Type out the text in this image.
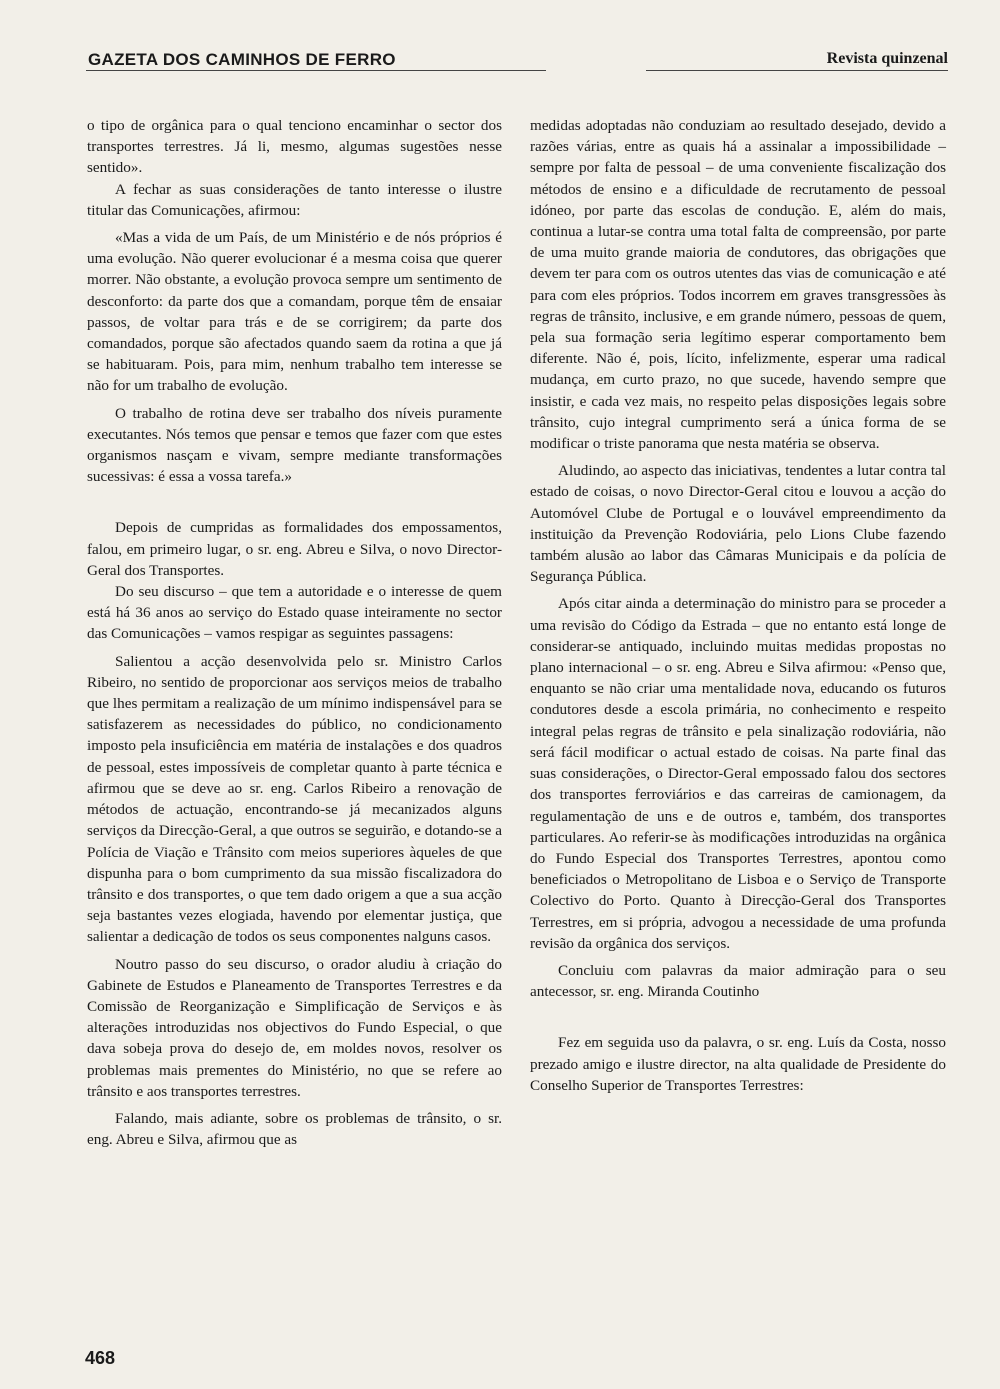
GAZETA DOS CAMINHOS DE FERRO	Revista quinzenal

o tipo de orgânica para o qual tenciono encaminhar o sector dos transportes terrestres. Já li, mesmo, algumas sugestões nesse sentido».

A fechar as suas considerações de tanto interesse o ilustre titular das Comunicações, afirmou:

«Mas a vida de um País, de um Ministério e de nós próprios é uma evolução. Não querer evolucionar é a mesma coisa que querer morrer. Não obstante, a evolução provoca sempre um sentimento de desconforto: da parte dos que a comandam, porque têm de ensaiar passos, de voltar para trás e de se corrigirem; da parte dos comandados, porque são afectados quando saem da rotina a que já se habituaram. Pois, para mim, nenhum trabalho tem interesse se não for um trabalho de evolução.

O trabalho de rotina deve ser trabalho dos níveis puramente executantes. Nós temos que pensar e temos que fazer com que estes organismos nasçam e vivam, sempre mediante transformações sucessivas: é essa a vossa tarefa.»

Depois de cumpridas as formalidades dos empossamentos, falou, em primeiro lugar, o sr. eng. Abreu e Silva, o novo Director-Geral dos Transportes.

Do seu discurso – que tem a autoridade e o interesse de quem está há 36 anos ao serviço do Estado quase inteiramente no sector das Comunicações – vamos respigar as seguintes passagens:

Salientou a acção desenvolvida pelo sr. Ministro Carlos Ribeiro, no sentido de proporcionar aos serviços meios de trabalho que lhes permitam a realização de um mínimo indispensável para se satisfazerem as necessidades do público, no condicionamento imposto pela insuficiência em matéria de instalações e dos quadros de pessoal, estes impossíveis de completar quanto à parte técnica e afirmou que se deve ao sr. eng. Carlos Ribeiro a renovação de métodos de actuação, encontrando-se já mecanizados alguns serviços da Direcção-Geral, a que outros se seguirão, e dotando-se a Polícia de Viação e Trânsito com meios superiores àqueles de que dispunha para o bom cumprimento da sua missão fiscalizadora do trânsito e dos transportes, o que tem dado origem a que a sua acção seja bastantes vezes elogiada, havendo por elementar justiça, que salientar a dedicação de todos os seus componentes nalguns casos.

Noutro passo do seu discurso, o orador aludiu à criação do Gabinete de Estudos e Planeamento de Transportes Terrestres e da Comissão de Reorganização e Simplificação de Serviços e às alterações introduzidas nos objectivos do Fundo Especial, o que dava sobeja prova do desejo de, em moldes novos, resolver os problemas mais prementes do Ministério, no que se refere ao trânsito e aos transportes terrestres.

Falando, mais adiante, sobre os problemas de trânsito, o sr. eng. Abreu e Silva, afirmou que as

medidas adoptadas não conduziam ao resultado desejado, devido a razões várias, entre as quais há a assinalar a impossibilidade – sempre por falta de pessoal – de uma conveniente fiscalização dos métodos de ensino e a dificuldade de recrutamento de pessoal idóneo, por parte das escolas de condução. E, além do mais, continua a lutar-se contra uma total falta de compreensão, por parte de uma muito grande maioria de condutores, das obrigações que devem ter para com os outros utentes das vias de comunicação e até para com eles próprios. Todos incorrem em graves transgressões às regras de trânsito, inclusive, e em grande número, pessoas de quem, pela sua formação seria legítimo esperar comportamento bem diferente. Não é, pois, lícito, infelizmente, esperar uma radical mudança, em curto prazo, no que sucede, havendo sempre que insistir, e cada vez mais, no respeito pelas disposições legais sobre trânsito, cujo integral cumprimento será a única forma de se modificar o triste panorama que nesta matéria se observa.

Aludindo, ao aspecto das iniciativas, tendentes a lutar contra tal estado de coisas, o novo Director-Geral citou e louvou a acção do Automóvel Clube de Portugal e o louvável empreendimento da instituição da Prevenção Rodoviária, pelo Lions Clube fazendo também alusão ao labor das Câmaras Municipais e da polícia de Segurança Pública.

Após citar ainda a determinação do ministro para se proceder a uma revisão do Código da Estrada – que no entanto está longe de considerar-se antiquado, incluindo muitas medidas propostas no plano internacional – o sr. eng. Abreu e Silva afirmou: «Penso que, enquanto se não criar uma mentalidade nova, educando os futuros condutores desde a escola primária, no conhecimento e respeito integral pelas regras de trânsito e pela sinalização rodoviária, não será fácil modificar o actual estado de coisas. Na parte final das suas considerações, o Director-Geral empossado falou dos sectores dos transportes ferroviários e das carreiras de camionagem, da regulamentação de uns e de outros e, também, dos transportes particulares. Ao referir-se às modificações introduzidas na orgânica do Fundo Especial dos Transportes Terrestres, apontou como beneficiados o Metropolitano de Lisboa e o Serviço de Transporte Colectivo do Porto. Quanto à Direcção-Geral dos Transportes Terrestres, em si própria, advogou a necessidade de uma profunda revisão da orgânica dos serviços.

Concluiu com palavras da maior admiração para o seu antecessor, sr. eng. Miranda Coutinho

Fez em seguida uso da palavra, o sr. eng. Luís da Costa, nosso prezado amigo e ilustre director, na alta qualidade de Presidente do Conselho Superior de Transportes Terrestres:

468
